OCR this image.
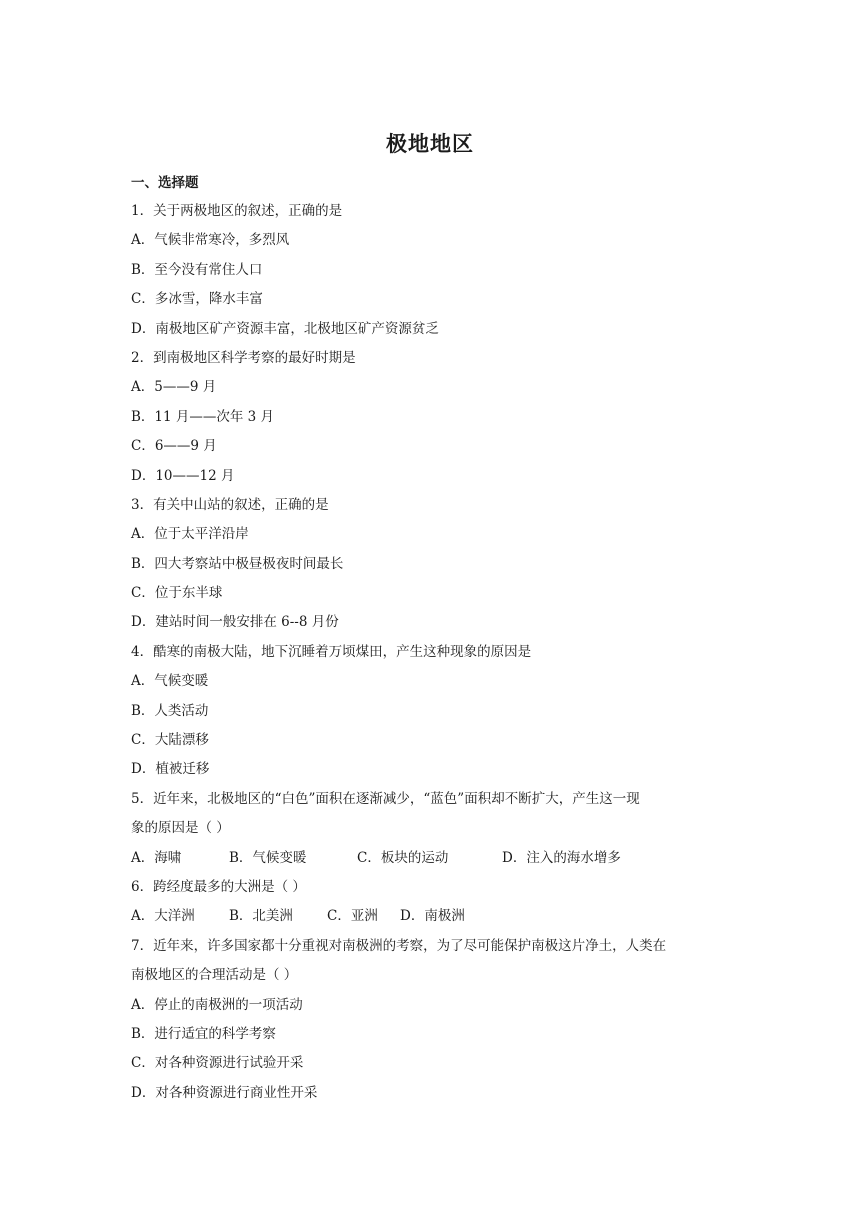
极地地区
一、选择题

1．关于两极地区的叙述，正确的是

A．气候非常寒冷，多烈风

B．至今没有常住人口

C．多冰雪，降水丰富

D．南极地区矿产资源丰富，北极地区矿产资源贫乏

2．到南极地区科学考察的最好时期是

A．5——9 月

B．11 月——次年 3 月

C．6——9 月

D．10——12 月

3．有关中山站的叙述，正确的是

A．位于太平洋沿岸

B．四大考察站中极昼极夜时间最长

C．位于东半球

D．建站时间一般安排在 6--8 月份

4．酷寒的南极大陆，地下沉睡着万顷煤田，产生这种现象的原因是

A．气候变暖

B．人类活动

C．大陆漂移

D．植被迁移

5．近年来，北极地区的“白色”面积在逐渐减少，“蓝色”面积却不断扩大，产生这一现

象的原因是（ ）

A．海啸	B．气候变暖	C．板块的运动	D．注入的海水增多

6．跨经度最多的大洲是（ ）

A．大洋洲	B．北美洲	C．亚洲	D．南极洲

7．近年来，许多国家都十分重视对南极洲的考察，为了尽可能保护南极这片净土，人类在

南极地区的合理活动是（ ）

A．停止的南极洲的一项活动

B．进行适宜的科学考察

C．对各种资源进行试验开采

D．对各种资源进行商业性开采
